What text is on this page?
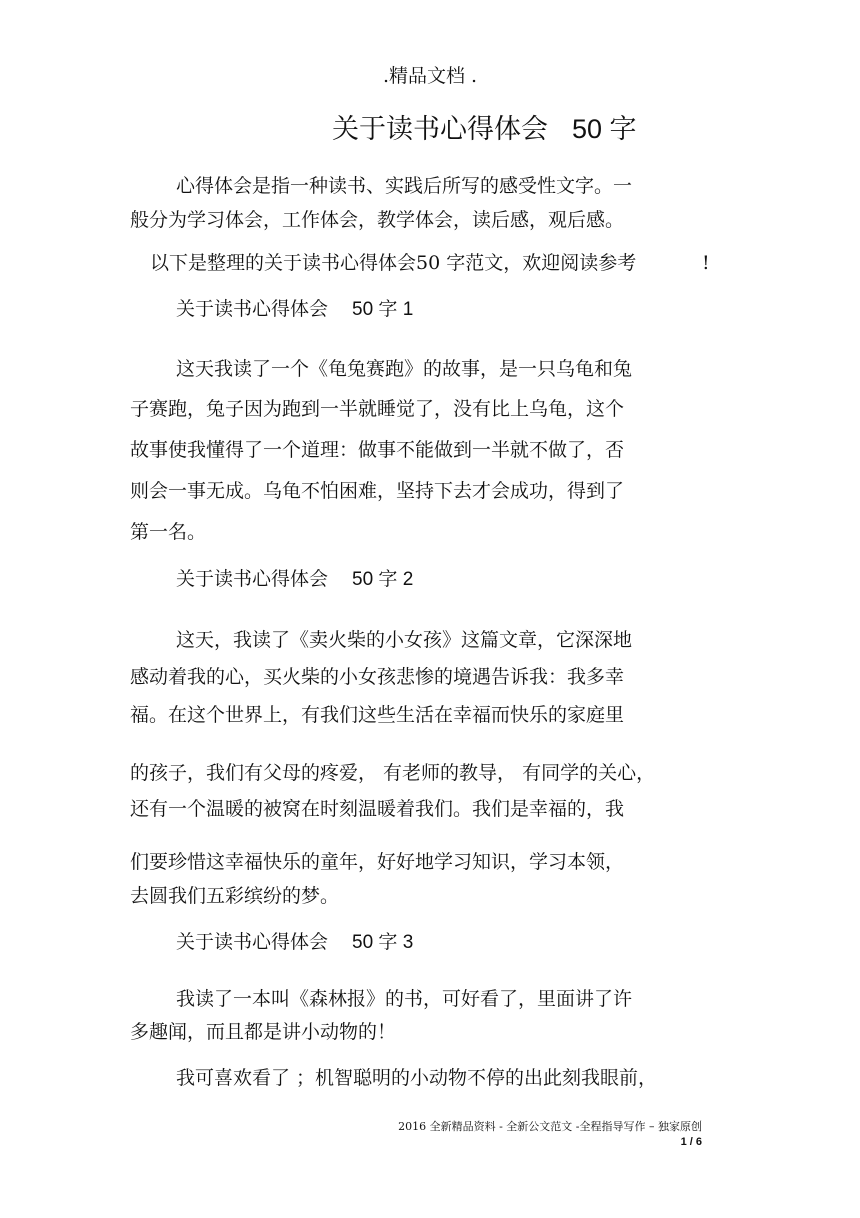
.精品文档 .
关于读书心得体会 50 字
心得体会是指一种读书、实践后所写的感受性文字。一
般分为学习体会，工作体会，教学体会，读后感，观后感。
以下是整理的关于读书心得体会50 字范文，欢迎阅读参考	!
关于读书心得体会 50 字 1
这天我读了一个《龟兔赛跑》的故事，是一只乌龟和兔
子赛跑，兔子因为跑到一半就睡觉了，没有比上乌龟，这个
故事使我懂得了一个道理：做事不能做到一半就不做了，否
则会一事无成。乌龟不怕困难，坚持下去才会成功，得到了
第一名。
关于读书心得体会 50 字 2
这天，我读了《卖火柴的小女孩》这篇文章，它深深地
感动着我的心，买火柴的小女孩悲惨的境遇告诉我：我多幸
福。在这个世界上，有我们这些生活在幸福而快乐的家庭里
的孩子，我们有父母的疼爱， 有老师的教导， 有同学的关心，
还有一个温暖的被窝在时刻温暖着我们。我们是幸福的，我
们要珍惜这幸福快乐的童年，好好地学习知识，学习本领，
去圆我们五彩缤纷的梦。
关于读书心得体会 50 字 3
我读了一本叫《森林报》的书，可好看了，里面讲了许
多趣闻，而且都是讲小动物的！
我可喜欢看了 ；机智聪明的小动物不停的出此刻我眼前，
2016 全新精品资料 - 全新公文范文 -全程指导写作 – 独家原创
1 / 6
